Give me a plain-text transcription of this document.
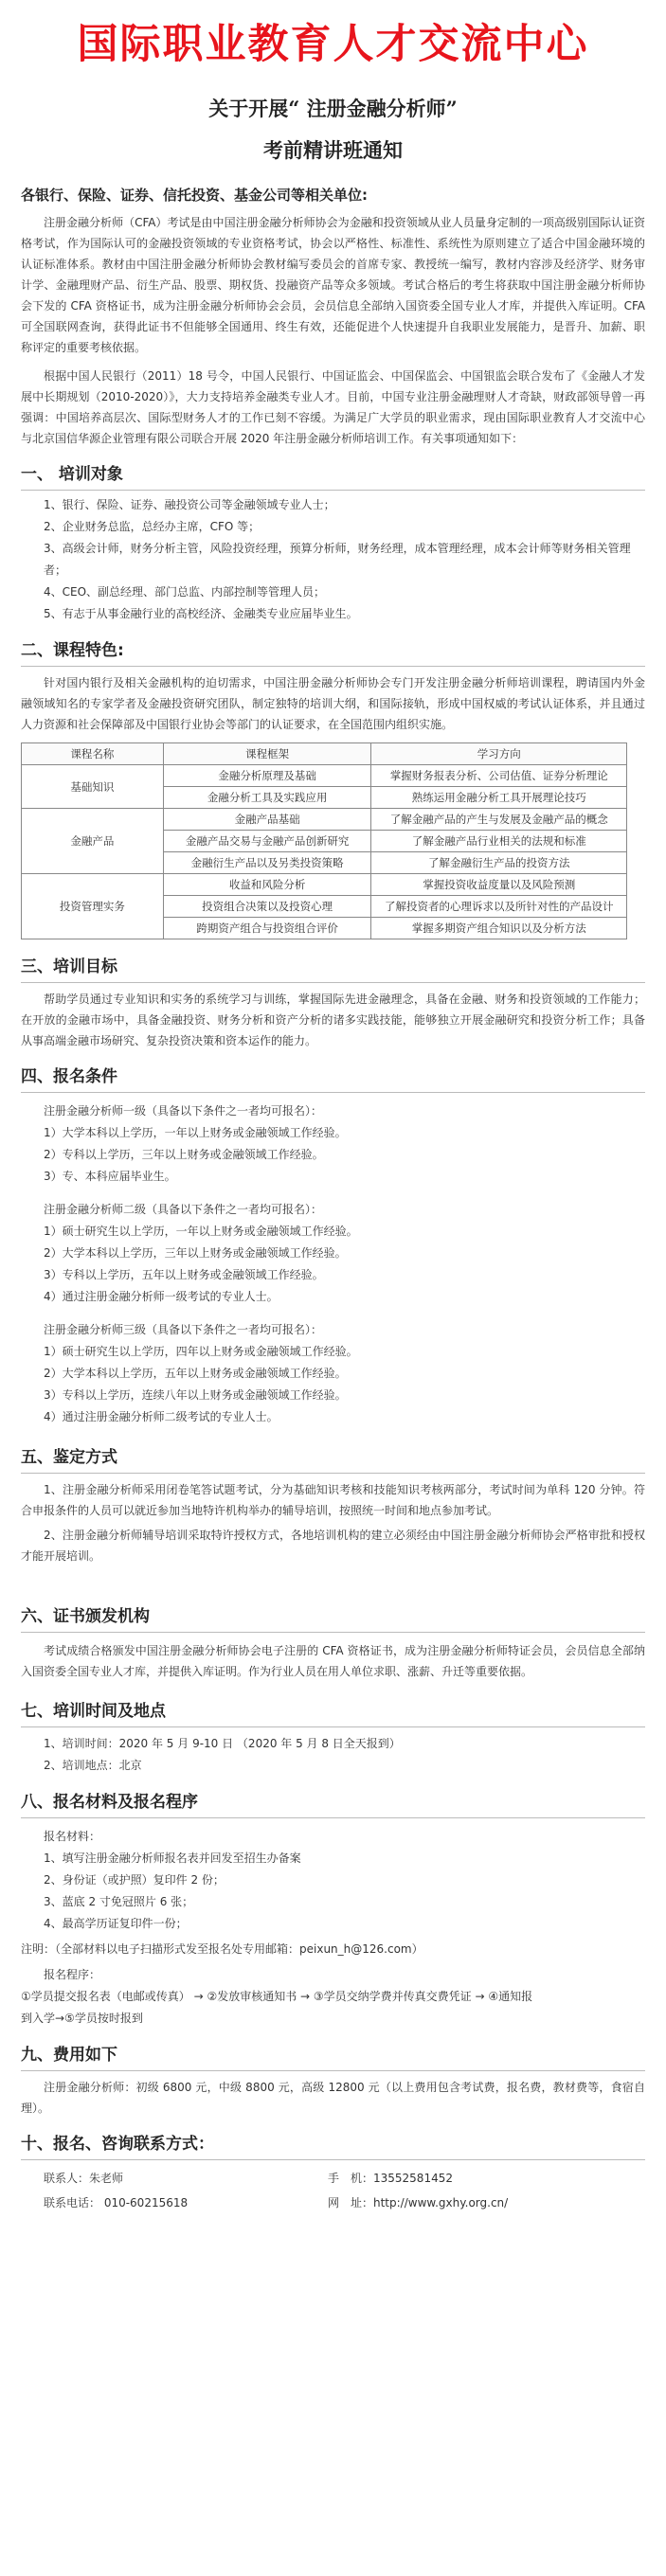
国际职业教育人才交流中心
关于开展“ 注册金融分析师”
考前精讲班通知
各银行、保险、证券、信托投资、基金公司等相关单位:

注册金融分析师（CFA）考试是由中国注册金融分析师协会为金融和投资领域从业人员量身定制的一项高级别国际认证资格考试，作为国际认可的金融投资领域的专业资格考试，协会以严格性、标准性、系统性为原则建立了适合中国金融环境的认证标准体系。教材由中国注册金融分析师协会教材编写委员会的首席专家、教授统一编写，教材内容涉及经济学、财务审计学、金融理财产品、衍生产品、股票、期权货、投融资产品等众多领域。考试合格后的考生将获取中国注册金融分析师协会下发的 CFA 资格证书，成为注册金融分析师协会会员，会员信息全部纳入国资委全国专业人才库，并提供入库证明。CFA 可全国联网查询，获得此证书不但能够全国通用、终生有效，还能促进个人快速提升自我职业发展能力，是晋升、加薪、职称评定的重要考核依据。

根据中国人民银行（2011）18 号令，中国人民银行、中国证监会、中国保监会、中国银监会联合发布了《金融人才发展中长期规划（2010-2020）》，大力支持培养金融类专业人才。目前，中国专业注册金融理财人才奇缺，财政部领导曾一再强调：中国培养高层次、国际型财务人才的工作已刻不容缓。为满足广大学员的职业需求，现由国际职业教育人才交流中心与北京国信华源企业管理有限公司联合开展 2020 年注册金融分析师培训工作。有关事项通知如下：

一、 培训对象
1、银行、保险、证券、融投资公司等金融领域专业人士；
2、企业财务总监，总经办主席，CFO 等；
3、高级会计师，财务分析主管，风险投资经理，预算分析师，财务经理，成本管理经理，成本会计师等财务相关管理者；
4、CEO、副总经理、部门总监、内部控制等管理人员；
5、有志于从事金融行业的高校经济、金融类专业应届毕业生。
二、课程特色:

针对国内银行及相关金融机构的迫切需求，中国注册金融分析师协会专门开发注册金融分析师培训课程，聘请国内外金融领域知名的专家学者及金融投资研究团队，制定独特的培训大纲，和国际接轨，形成中国权威的考试认证体系，并且通过人力资源和社会保障部及中国银行业协会等部门的认证要求，在全国范围内组织实施。

课程名称	课程框架	学习方向
基础知识	金融分析原理及基础	掌握财务报表分析、公司估值、证券分析理论
	金融分析工具及实践应用	熟练运用金融分析工具开展理论技巧
金融产品	金融产品基础	了解金融产品的产生与发展及金融产品的概念
	金融产品交易与金融产品创新研究	了解金融产品行业相关的法规和标准
	金融衍生产品以及另类投资策略	了解金融衍生产品的投资方法
投资管理实务	收益和风险分析	掌握投资收益度量以及风险预测
	投资组合决策以及投资心理	了解投资者的心理诉求以及所针对性的产品设计
	跨期资产组合与投资组合评价	掌握多期资产组合知识以及分析方法
三、培训目标

帮助学员通过专业知识和实务的系统学习与训练，掌握国际先进金融理念，具备在金融、财务和投资领域的工作能力；在开放的金融市场中，具备金融投资、财务分析和资产分析的诸多实践技能，能够独立开展金融研究和投资分析工作；具备从事高端金融市场研究、复杂投资决策和资本运作的能力。

四、报名条件
注册金融分析师一级（具备以下条件之一者均可报名）：
1）大学本科以上学历，一年以上财务或金融领域工作经验。
2）专科以上学历，三年以上财务或金融领域工作经验。
3）专、本科应届毕业生。
注册金融分析师二级（具备以下条件之一者均可报名）：
1）硕士研究生以上学历，一年以上财务或金融领域工作经验。
2）大学本科以上学历，三年以上财务或金融领域工作经验。
3）专科以上学历，五年以上财务或金融领域工作经验。
4）通过注册金融分析师一级考试的专业人士。
注册金融分析师三级（具备以下条件之一者均可报名）：
1）硕士研究生以上学历，四年以上财务或金融领域工作经验。
2）大学本科以上学历，五年以上财务或金融领域工作经验。
3）专科以上学历，连续八年以上财务或金融领域工作经验。
4）通过注册金融分析师二级考试的专业人士。
五、鉴定方式

1、注册金融分析师采用闭卷笔答试题考试，分为基础知识考核和技能知识考核两部分，考试时间为单科 120 分钟。符合申报条件的人员可以就近参加当地特许机构举办的辅导培训，按照统一时间和地点参加考试。

2、注册金融分析师辅导培训采取特许授权方式，各地培训机构的建立必须经由中国注册金融分析师协会严格审批和授权才能开展培训。

六、证书颁发机构

考试成绩合格颁发中国注册金融分析师协会电子注册的 CFA 资格证书，成为注册金融分析师特证会员，会员信息全部纳入国资委全国专业人才库，并提供入库证明。作为行业人员在用人单位求职、涨薪、升迁等重要依据。

七、培训时间及地点
1、培训时间：2020 年 5 月 9-10 日 （2020 年 5 月 8 日全天报到）
2、培训地点：北京
八、报名材料及报名程序
报名材料：
1、填写注册金融分析师报名表并回发至招生办备案
2、身份证（或护照）复印件 2 份；
3、蓝底 2 寸免冠照片 6 张；
4、最高学历证复印件一份；
注明：（全部材料以电子扫描形式发至报名处专用邮箱：peixun_h@126.com）
报名程序：
①学员提交报名表（电邮或传真） → ②发放审核通知书 → ③学员交纳学费并传真交费凭证 → ④通知报
到入学→⑤学员按时报到
九、费用如下

注册金融分析师：初级 6800 元，中级 8800 元，高级 12800 元（以上费用包含考试费，报名费，教材费等，食宿自理）。

十、报名、咨询联系方式：
联系人：朱老师	手　机：13552581452
联系电话： 010-60215618	网　址：http://www.gxhy.org.cn/
